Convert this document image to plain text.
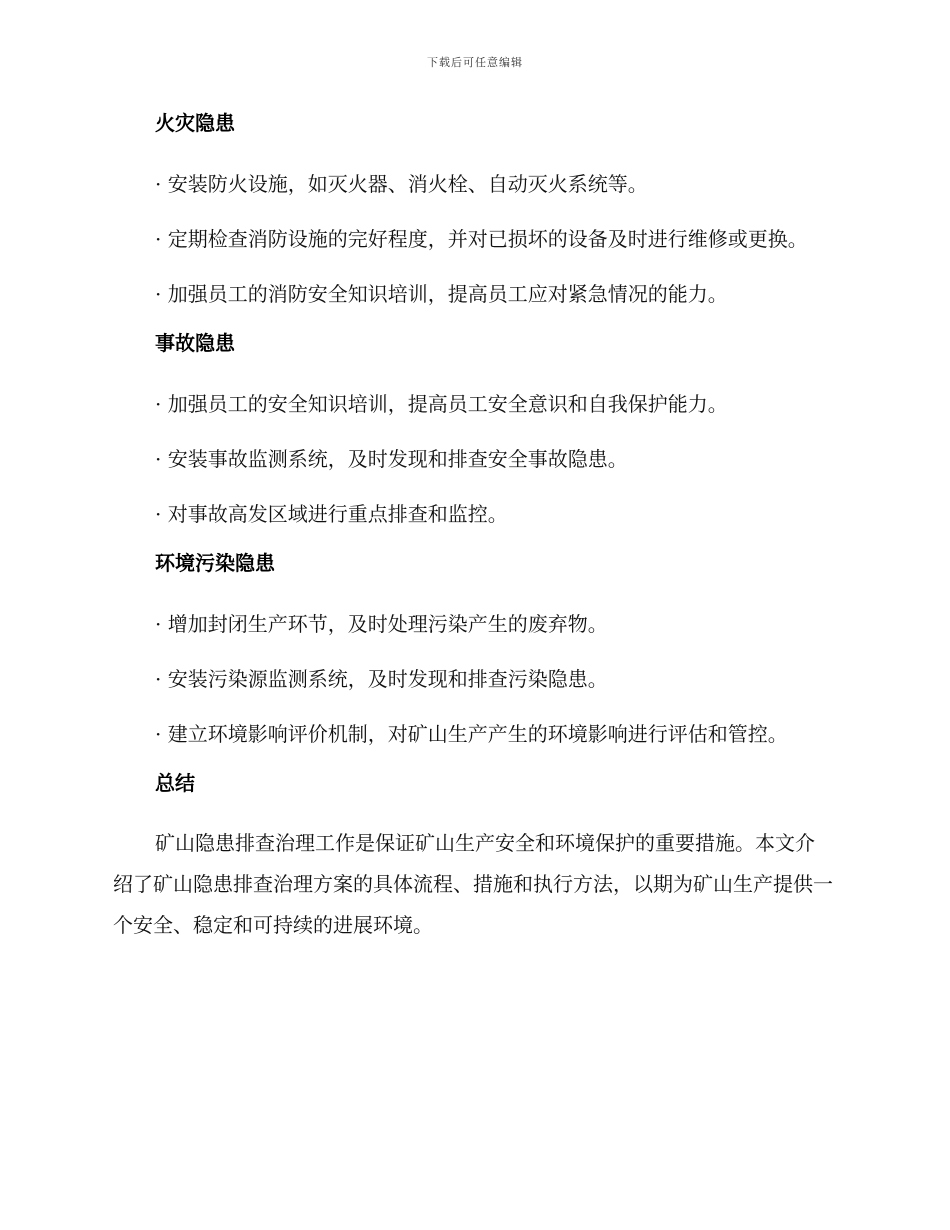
下载后可任意编辑
火灾隐患
· 安装防火设施，如灭火器、消火栓、自动灭火系统等。
· 定期检查消防设施的完好程度，并对已损坏的设备及时进行维修或更换。
· 加强员工的消防安全知识培训，提高员工应对紧急情况的能力。
事故隐患
· 加强员工的安全知识培训，提高员工安全意识和自我保护能力。
· 安装事故监测系统，及时发现和排查安全事故隐患。
· 对事故高发区域进行重点排查和监控。
环境污染隐患
· 增加封闭生产环节，及时处理污染产生的废弃物。
· 安装污染源监测系统，及时发现和排查污染隐患。
· 建立环境影响评价机制，对矿山生产产生的环境影响进行评估和管控。
总结
矿山隐患排查治理工作是保证矿山生产安全和环境保护的重要措施。本文介绍了矿山隐患排查治理方案的具体流程、措施和执行方法，以期为矿山生产提供一个安全、稳定和可持续的进展环境。
